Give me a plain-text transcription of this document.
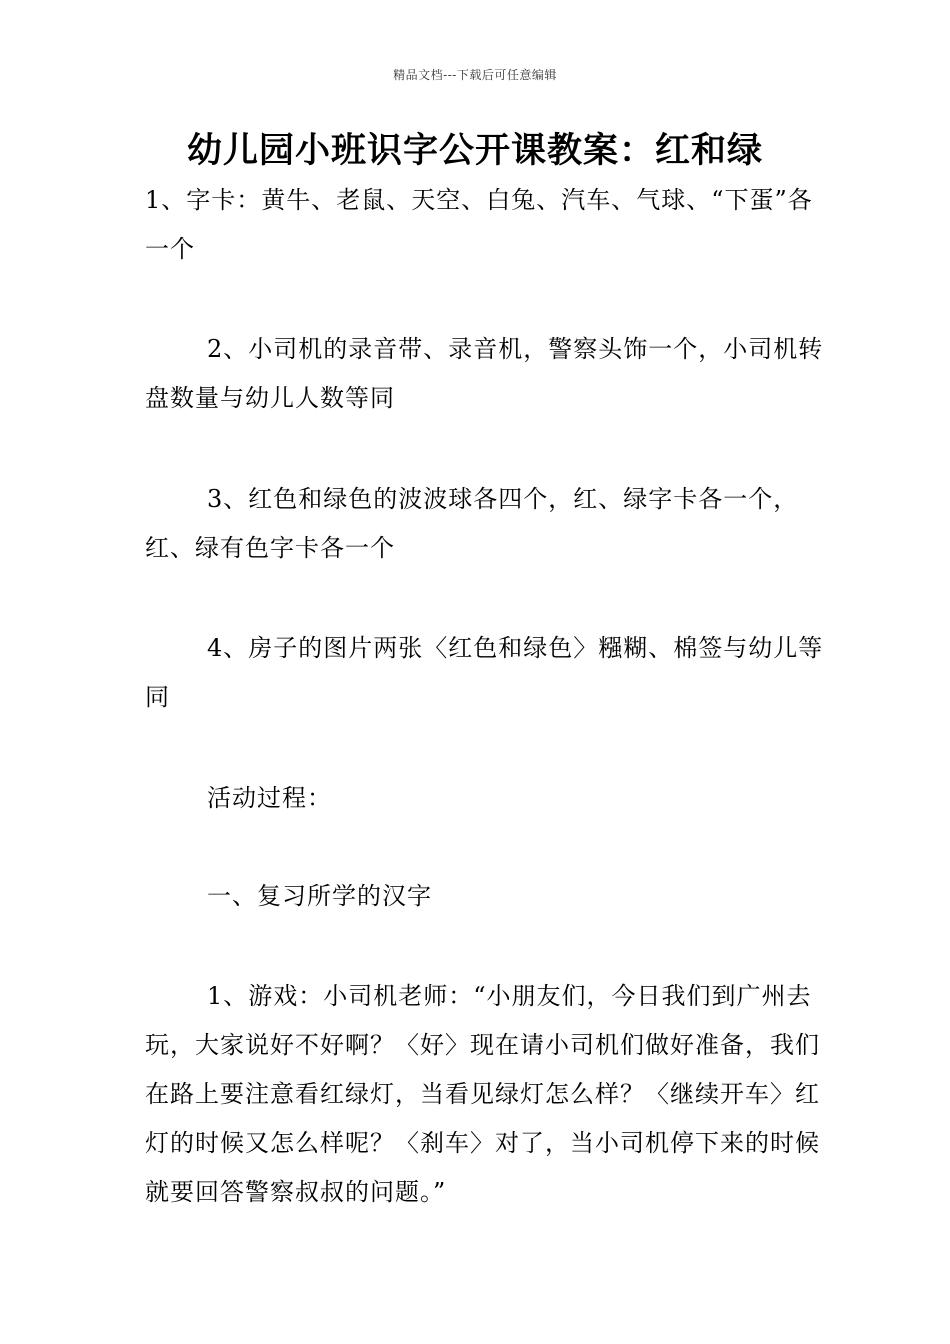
精品文档---下载后可任意编辑
幼儿园小班识字公开课教案：红和绿

1、字卡：黄牛、老鼠、天空、白兔、汽车、气球、“下蛋”各一个

2、小司机的录音带、录音机，警察头饰一个，小司机转盘数量与幼儿人数等同

3、红色和绿色的波波球各四个，红、绿字卡各一个，红、绿有色字卡各一个

4、房子的图片两张〈红色和绿色〉糨糊、棉签与幼儿等同

活动过程：

一、复习所学的汉字

1、游戏：小司机老师：“小朋友们，今日我们到广州去玩，大家说好不好啊？〈好〉现在请小司机们做好准备，我们在路上要注意看红绿灯，当看见绿灯怎么样？〈继续开车〉红灯的时候又怎么样呢？〈刹车〉对了，当小司机停下来的时候就要回答警察叔叔的问题。”
